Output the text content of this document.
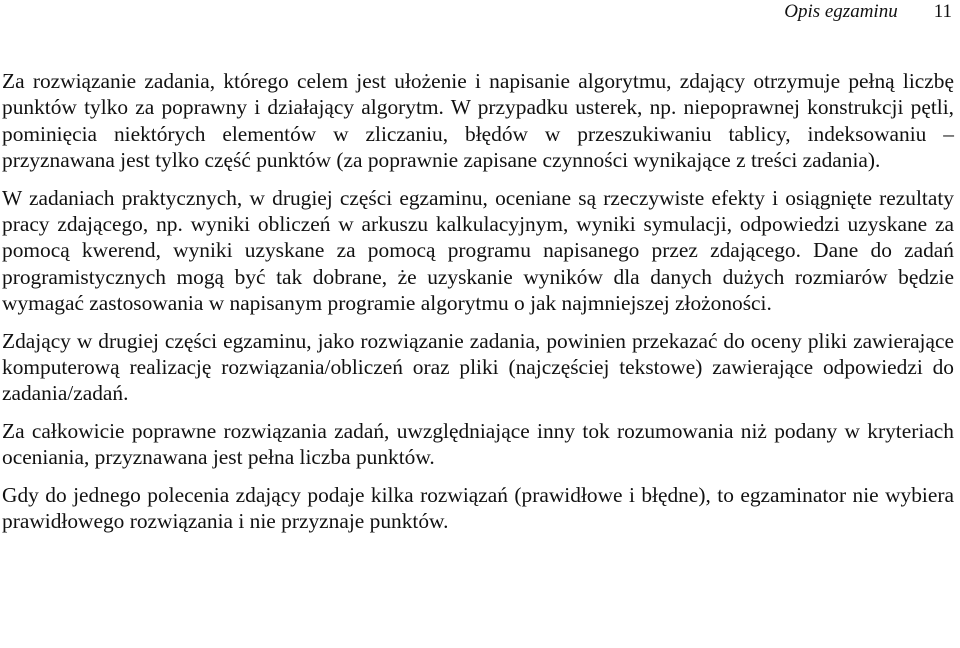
Opis egzaminu 11

Za rozwiązanie zadania, którego celem jest ułożenie i napisanie algorytmu, zdający otrzymuje pełną liczbę punktów tylko za poprawny i działający algorytm. W przypadku usterek, np. niepoprawnej konstrukcji pętli, pominięcia niektórych elementów w zliczaniu, błędów w przeszukiwaniu tablicy, indeksowaniu – przyznawana jest tylko część punktów (za poprawnie zapisane czynności wynikające z treści zadania).

W zadaniach praktycznych, w drugiej części egzaminu, oceniane są rzeczywiste efekty i osiągnięte rezultaty pracy zdającego, np. wyniki obliczeń w arkuszu kalkulacyjnym, wyniki symulacji, odpowiedzi uzyskane za pomocą kwerend, wyniki uzyskane za pomocą programu napisanego przez zdającego. Dane do zadań programistycznych mogą być tak dobrane, że uzyskanie wyników dla danych dużych rozmiarów będzie wymagać zastosowania w napisanym programie algorytmu o jak najmniejszej złożoności.

Zdający w drugiej części egzaminu, jako rozwiązanie zadania, powinien przekazać do oceny pliki zawierające komputerową realizację rozwiązania/obliczeń oraz pliki (najczęściej tekstowe) zawierające odpowiedzi do zadania/zadań.

Za całkowicie poprawne rozwiązania zadań, uwzględniające inny tok rozumowania niż podany w kryteriach oceniania, przyznawana jest pełna liczba punktów.

Gdy do jednego polecenia zdający podaje kilka rozwiązań (prawidłowe i błędne), to egzaminator nie wybiera prawidłowego rozwiązania i nie przyznaje punktów.
